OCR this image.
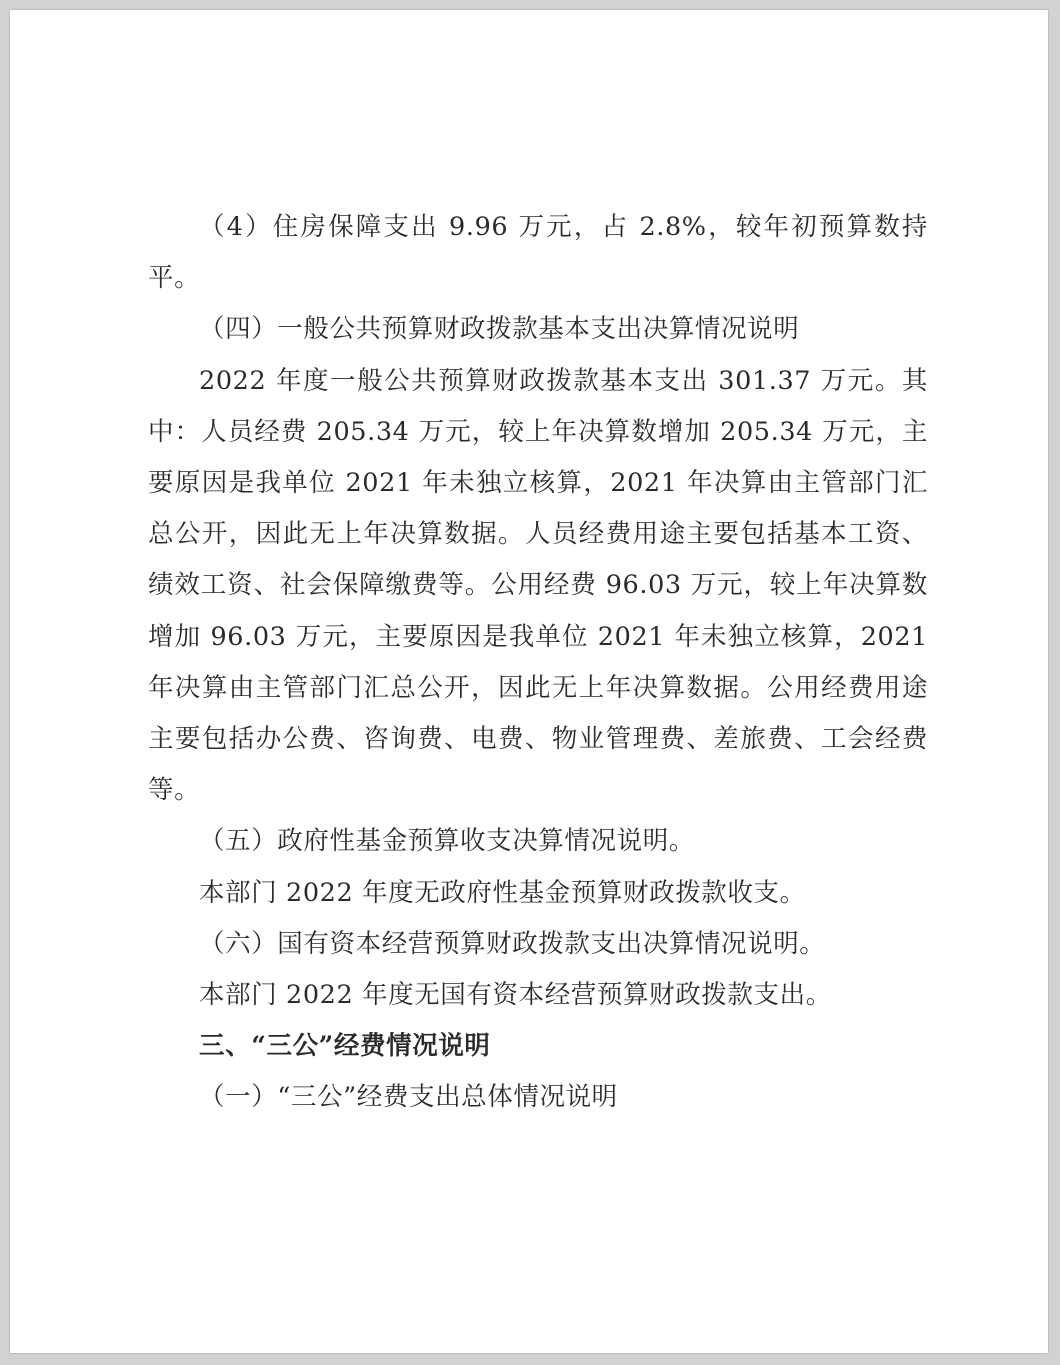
（4）住房保障支出 9.96 万元，占 2.8%，较年初预算数持平。

（四）一般公共预算财政拨款基本支出决算情况说明

2022 年度一般公共预算财政拨款基本支出 301.37 万元。其中：人员经费 205.34 万元，较上年决算数增加 205.34 万元，主要原因是我单位 2021 年未独立核算，2021 年决算由主管部门汇总公开，因此无上年决算数据。人员经费用途主要包括基本工资、绩效工资、社会保障缴费等。公用经费 96.03 万元，较上年决算数增加 96.03 万元，主要原因是我单位 2021 年未独立核算，2021 年决算由主管部门汇总公开，因此无上年决算数据。公用经费用途主要包括办公费、咨询费、电费、物业管理费、差旅费、工会经费等。

（五）政府性基金预算收支决算情况说明。

本部门 2022 年度无政府性基金预算财政拨款收支。

（六）国有资本经营预算财政拨款支出决算情况说明。

本部门 2022 年度无国有资本经营预算财政拨款支出。

三、“三公”经费情况说明

（一）“三公”经费支出总体情况说明
